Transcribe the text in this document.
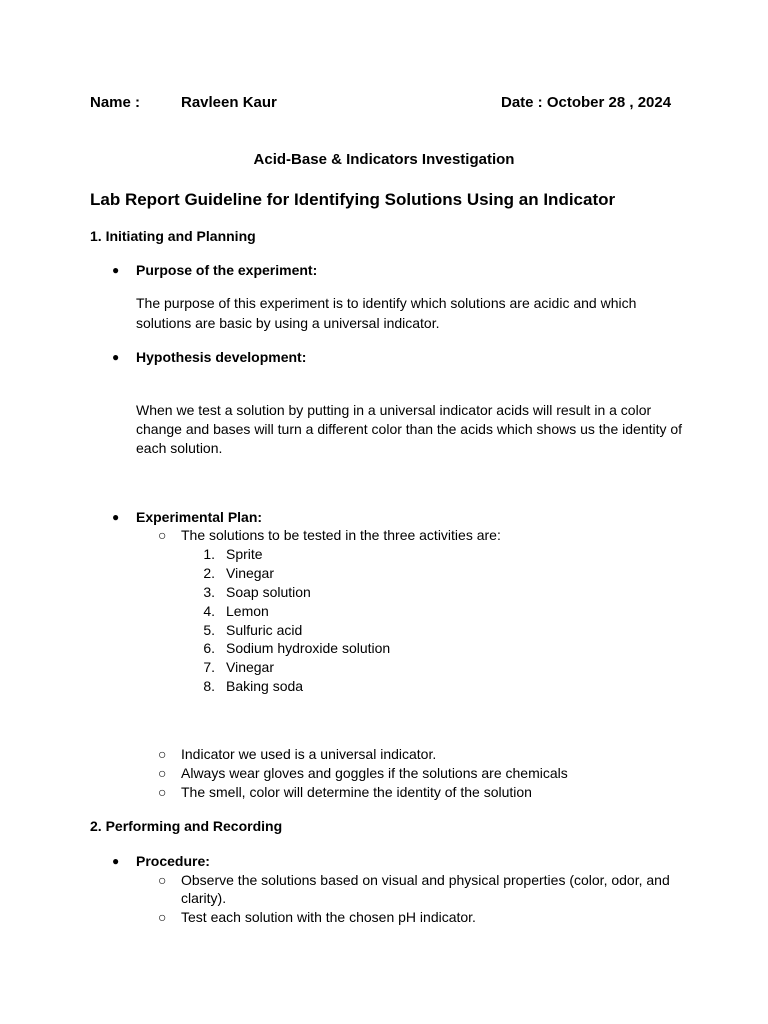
Name :	Ravleen Kaur	Date : October 28 , 2024
Acid-Base & Indicators Investigation
Lab Report Guideline for Identifying Solutions Using an Indicator
1. Initiating and Planning
● Purpose of the experiment:
The purpose of this experiment is to identify which solutions are acidic and which
solutions are basic by using a universal indicator.
● Hypothesis development:
When we test a solution by putting in a universal indicator acids will result in a color
change and bases will turn a different color than the acids which shows us the identity of
each solution.
● Experimental Plan:
○ The solutions to be tested in the three activities are:
1. Sprite
2. Vinegar
3. Soap solution
4. Lemon
5. Sulfuric acid
6. Sodium hydroxide solution
7. Vinegar
8. Baking soda
○ Indicator we used is a universal indicator.
○ Always wear gloves and goggles if the solutions are chemicals
○ The smell, color will determine the identity of the solution
2. Performing and Recording
● Procedure:
○ Observe the solutions based on visual and physical properties (color, odor, and
clarity).
○ Test each solution with the chosen pH indicator.
